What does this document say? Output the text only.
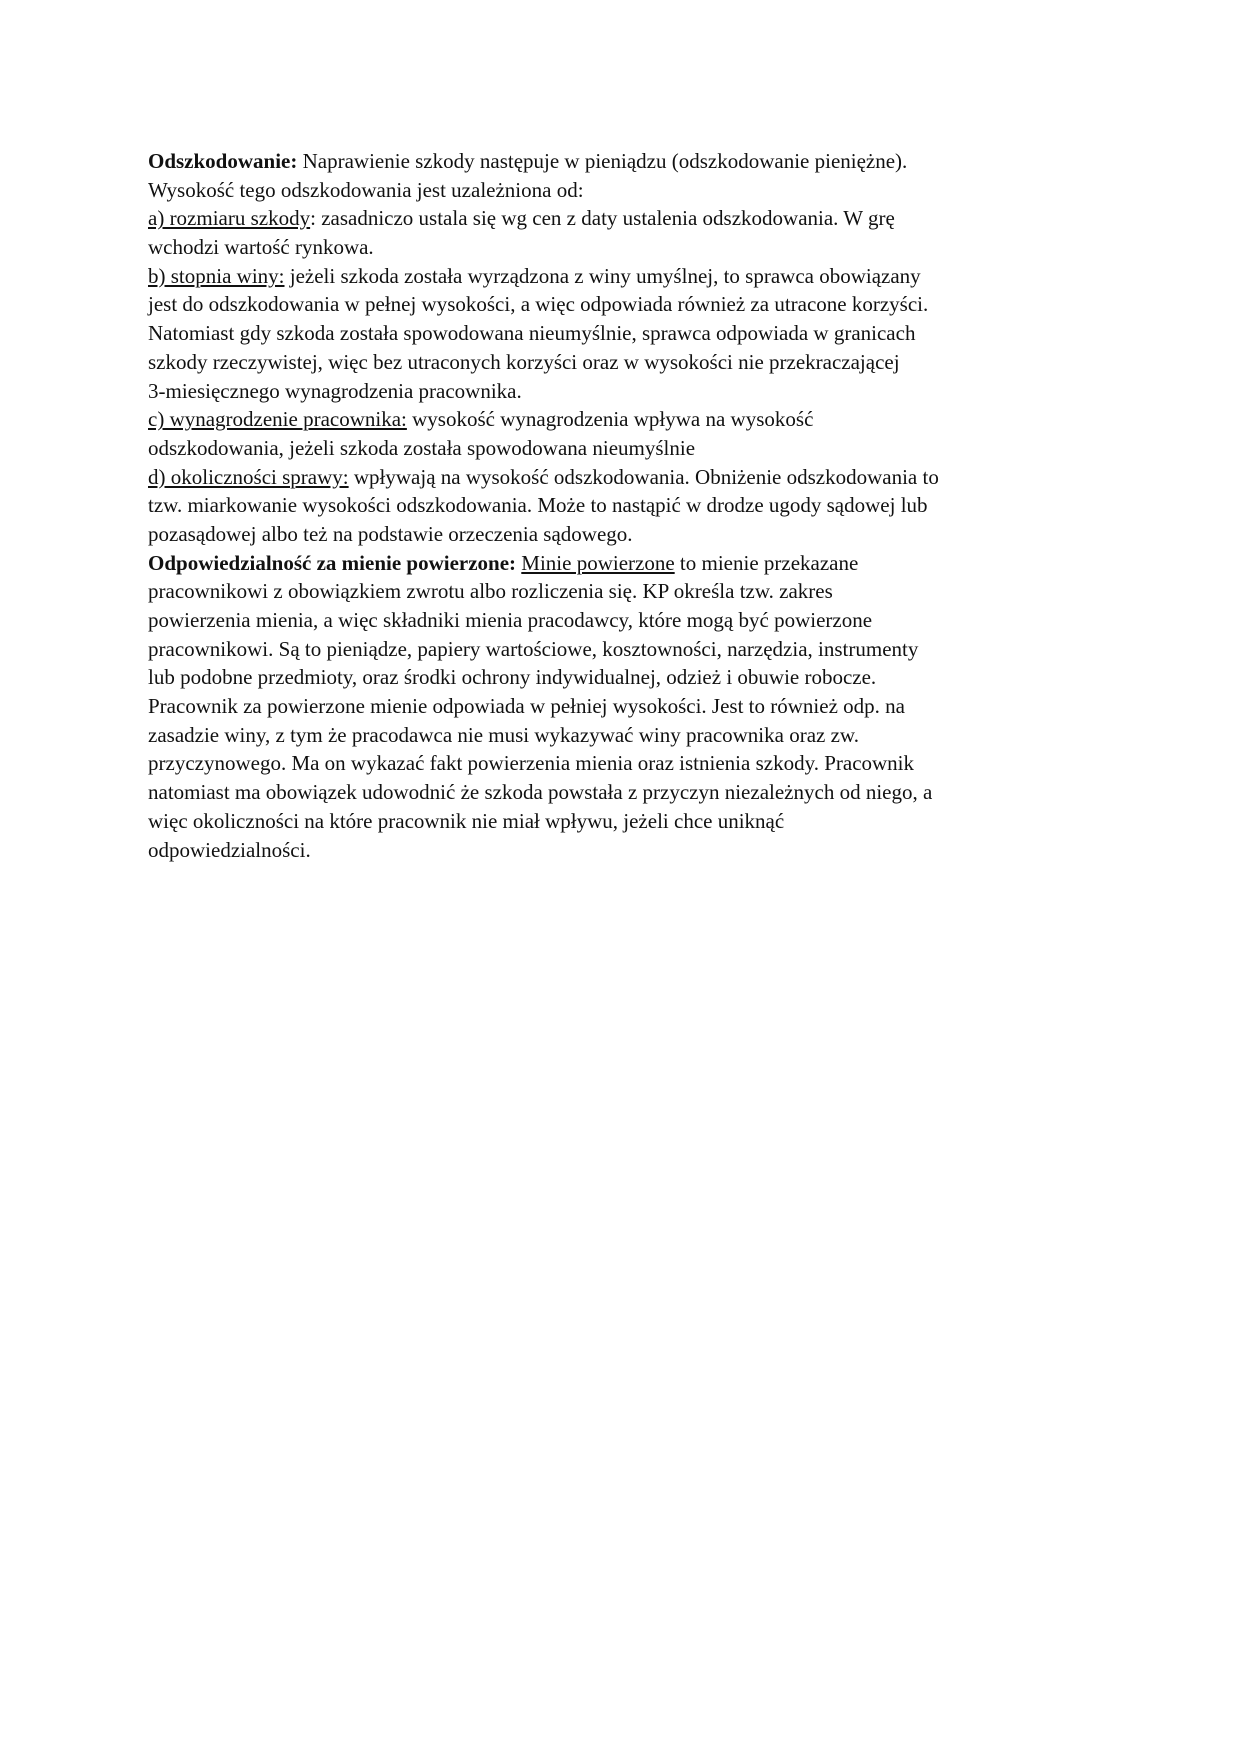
Odszkodowanie: Naprawienie szkody następuje w pieniądzu (odszkodowanie pieniężne).
Wysokość tego odszkodowania jest uzależniona od:
a) rozmiaru szkody: zasadniczo ustala się wg cen z daty ustalenia odszkodowania. W grę
wchodzi wartość rynkowa.
b) stopnia winy: jeżeli szkoda została wyrządzona z winy umyślnej, to sprawca obowiązany
jest do odszkodowania w pełnej wysokości, a więc odpowiada również za utracone korzyści.
Natomiast gdy szkoda została spowodowana nieumyślnie, sprawca odpowiada w granicach
szkody rzeczywistej, więc bez utraconych korzyści oraz w wysokości nie przekraczającej
3-miesięcznego wynagrodzenia pracownika.
c) wynagrodzenie pracownika: wysokość wynagrodzenia wpływa na wysokość
odszkodowania, jeżeli szkoda została spowodowana nieumyślnie
d) okoliczności sprawy: wpływają na wysokość odszkodowania. Obniżenie odszkodowania to
tzw. miarkowanie wysokości odszkodowania. Może to nastąpić w drodze ugody sądowej lub
pozasądowej albo też na podstawie orzeczenia sądowego.
Odpowiedzialność za mienie powierzone: Minie powierzone to mienie przekazane
pracownikowi z obowiązkiem zwrotu albo rozliczenia się. KP określa tzw. zakres
powierzenia mienia, a więc składniki mienia pracodawcy, które mogą być powierzone
pracownikowi. Są to pieniądze, papiery wartościowe, kosztowności, narzędzia, instrumenty
lub podobne przedmioty, oraz środki ochrony indywidualnej, odzież i obuwie robocze.
Pracownik za powierzone mienie odpowiada w pełniej wysokości. Jest to również odp. na
zasadzie winy, z tym że pracodawca nie musi wykazywać winy pracownika oraz zw.
przyczynowego. Ma on wykazać fakt powierzenia mienia oraz istnienia szkody. Pracownik
natomiast ma obowiązek udowodnić że szkoda powstała z przyczyn niezależnych od niego, a
więc okoliczności na które pracownik nie miał wpływu, jeżeli chce uniknąć
odpowiedzialności.
